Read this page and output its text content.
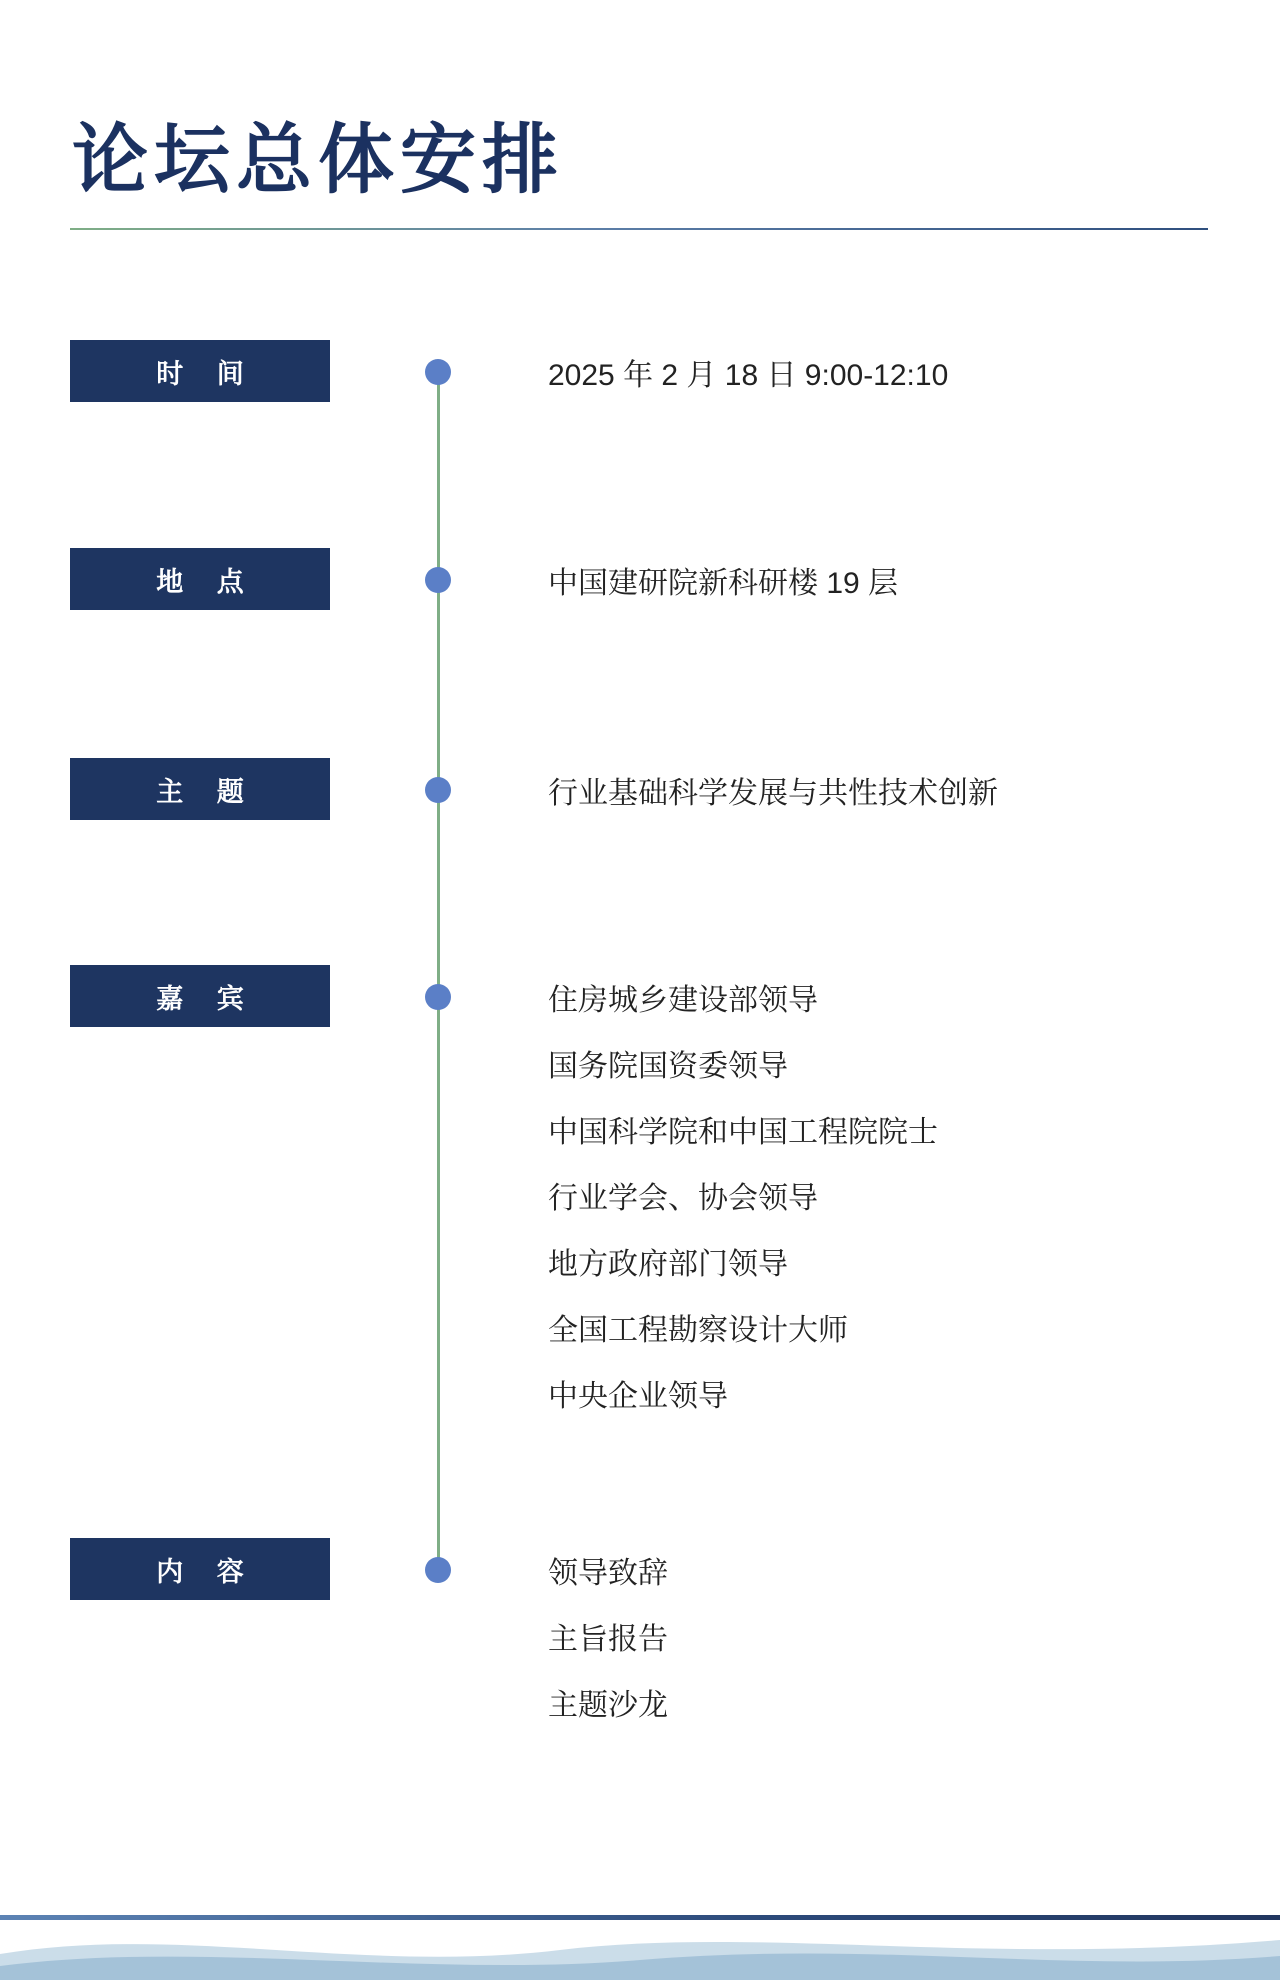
论坛总体安排
时 间	2025 年 2 月 18 日 9:00-12:10
地 点	中国建研院新科研楼 19 层
主 题	行业基础科学发展与共性技术创新
嘉 宾	住房城乡建设部领导
国务院国资委领导
中国科学院和中国工程院院士
行业学会、协会领导
地方政府部门领导
全国工程勘察设计大师
中央企业领导
内 容	领导致辞
主旨报告
主题沙龙
